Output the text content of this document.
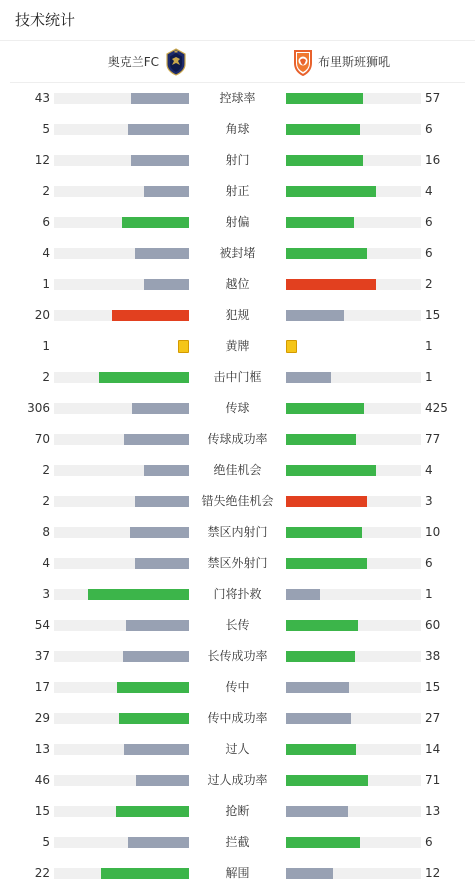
技术统计
奥克兰FC	布里斯班狮吼
43	控球率	57
5	角球	6
12	射门	16
2	射正	4
6	射偏	6
4	被封堵	6
1	越位	2
20	犯规	15
1	黄牌	1
2	击中门框	1
306	传球	425
70	传球成功率	77
2	绝佳机会	4
2	错失绝佳机会	3
8	禁区内射门	10
4	禁区外射门	6
3	门将扑救	1
54	长传	60
37	长传成功率	38
17	传中	15
29	传中成功率	27
13	过人	14
46	过人成功率	71
15	抢断	13
5	拦截	6
22	解围	12
